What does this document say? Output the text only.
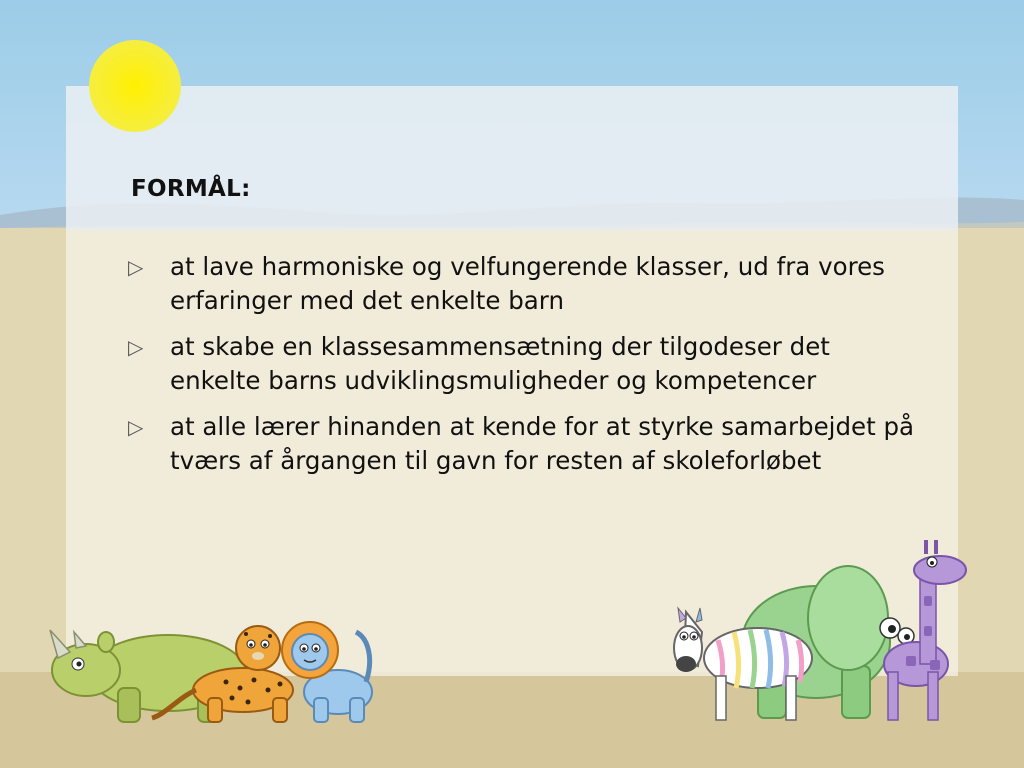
FORMÅL:
▷ at lave harmoniske og velfungerende klasser, ud fra vores erfaringer med det enkelte barn
▷ at skabe en klassesammensætning der tilgodeser det enkelte barns udviklingsmuligheder og kompetencer
▷ at alle lærer hinanden at kende for at styrke samarbejdet på tværs af årgangen til gavn for resten af skoleforløbet
